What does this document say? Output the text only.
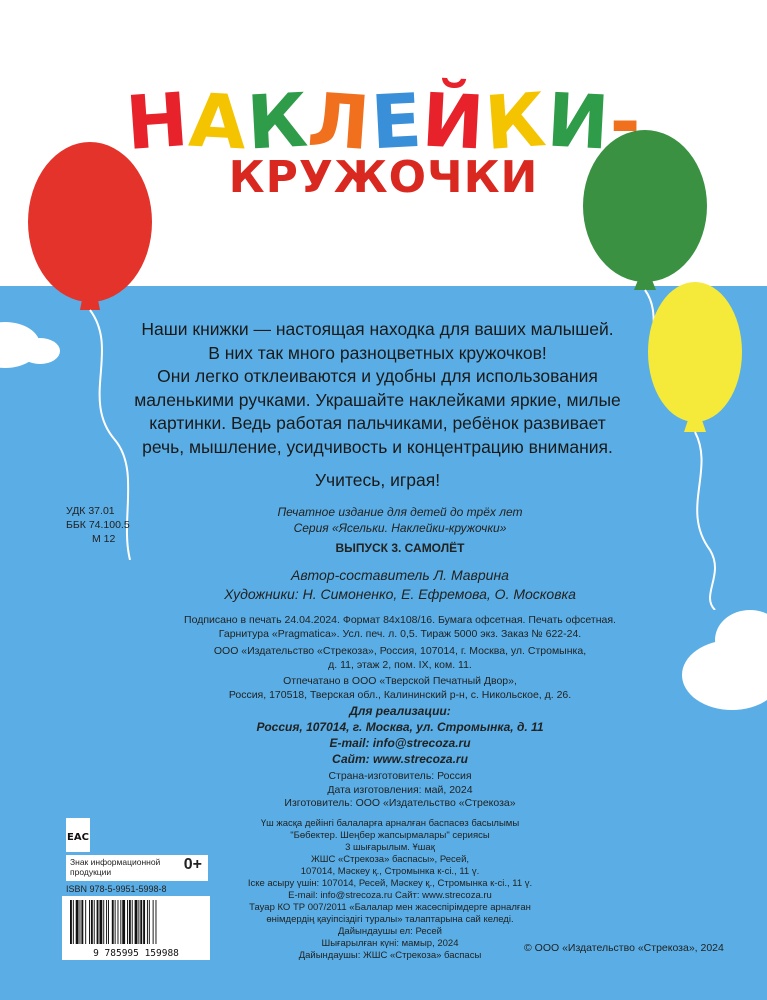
НАКЛЕЙКИ-
КРУЖОЧКИ

Наши книжки — настоящая находка для ваших малышей.

В них так много разноцветных кружочков!

Они легко отклеиваются и удобны для использования

маленькими ручками. Украшайте наклейками яркие, милые

картинки. Ведь работая пальчиками, ребёнок развивает

речь, мышление, усидчивость и концентрацию внимания.

Учитесь, играя!

УДК 37.01
ББК 74.100.5
М 12
Печатное издание для детей до трёх лет
Серия «Ясельки. Наклейки-кружочки»
ВЫПУСК 3. САМОЛЁТ
Автор-составитель Л. Маврина
Художники: Н. Симоненко, Е. Ефремова, О. Московка
Подписано в печать 24.04.2024. Формат 84х108/16. Бумага офсетная. Печать офсетная.
Гарнитура «Pragmatica». Усл. печ. л. 0,5. Тираж 5000 экз. Заказ № 622-24.
ООО «Издательство «Стрекоза», Россия, 107014, г. Москва, ул. Стромынка,
д. 11, этаж 2, пом. IX, ком. 11.
Отпечатано в ООО «Тверской Печатный Двор»,
Россия, 170518, Тверская обл., Калининский р-н, с. Никольское, д. 26.
Для реализации:
Россия, 107014, г. Москва, ул. Стромынка, д. 11
E-mail: info@strecoza.ru
Сайт: www.strecoza.ru
Страна-изготовитель: Россия
Дата изготовления: май, 2024
Изготовитель: ООО «Издательство «Стрекоза»
Үш жасқа дейінгі балаларға арналған баспасөз басылымы
"Бөбектер. Шеңбер жапсырмалары" сериясы
3 шығарылым. Ұшақ
ЖШС «Стрекоза» баспасы», Ресей,
107014, Мәскеу қ., Стромынка к-сі., 11 ү.
Іске асыру үшін: 107014, Ресей, Мәскеу қ., Стромынка к-сі., 11 ү.
E-mail: info@strecoza.ru Сайт: www.strecoza.ru
Тауар КО ТР 007/2011 «Балалар мен жасөспірімдерге арналған
өнімдердің қауіпсіздігі туралы» талаптарына сай келеді.
Дайындаушы ел: Ресей
Шығарылған күні: мамыр, 2024
Дайындаушы: ЖШС «Стрекоза» баспасы
ЕАС
Знак информационной продукции	0+
ISBN 978-5-9951-5998-8
9 785995 159988	© ООО «Издательство «Стрекоза», 2024
